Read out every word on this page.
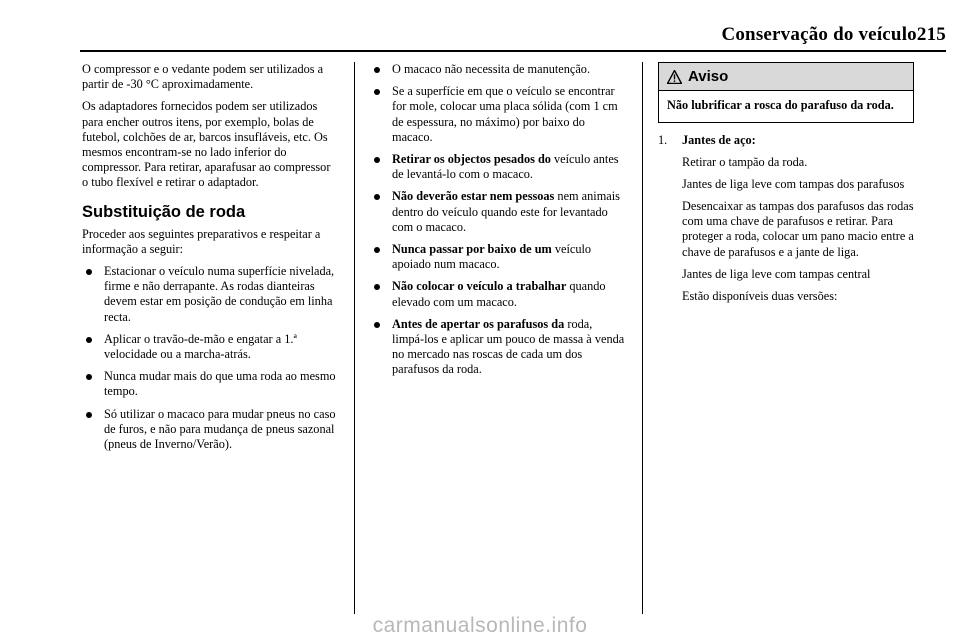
Conservação do veículo215

O compressor e o vedante podem ser utilizados a partir de -30 °C aproximadamente.

Os adaptadores fornecidos podem ser utilizados para encher outros itens, por exemplo, bolas de futebol, colchões de ar, barcos insufláveis, etc. Os mesmos encontram-se no lado inferior do compressor. Para retirar, aparafusar ao compressor o tubo flexível e retirar o adaptador.

Substituição de roda

Proceder aos seguintes preparativos e respeitar a informação a seguir:

Estacionar o veículo numa superfície nivelada, firme e não derrapante. As rodas dianteiras devem estar em posição de condução em linha recta.
Aplicar o travão-de-mão e engatar a 1.ª velocidade ou a marcha-atrás.
Nunca mudar mais do que uma roda ao mesmo tempo.
Só utilizar o macaco para mudar pneus no caso de furos, e não para mudança de pneus sazonal (pneus de Inverno/Verão).
O macaco não necessita de manutenção.
Se a superfície em que o veículo se encontrar for mole, colocar uma placa sólida (com 1 cm de espessura, no máximo) por baixo do macaco.
Retirar os objectos pesados do veículo antes de levantá-lo com o macaco.
Não deverão estar nem pessoas nem animais dentro do veículo quando este for levantado com o macaco.
Nunca passar por baixo de um veículo apoiado num macaco.
Não colocar o veículo a trabalhar quando elevado com um macaco.
Antes de apertar os parafusos da roda, limpá-los e aplicar um pouco de massa à venda no mercado nas roscas de cada um dos parafusos da roda.
Aviso
Não lubrificar a rosca do parafuso da roda.
1.	Jantes de aço:

Retirar o tampão da roda.

Jantes de liga leve com tampas dos parafusos

Desencaixar as tampas dos parafusos das rodas com uma chave de parafusos e retirar. Para proteger a roda, colocar um pano macio entre a chave de parafusos e a jante de liga.

Jantes de liga leve com tampas central

Estão disponíveis duas versões:

carmanualsonline.info
